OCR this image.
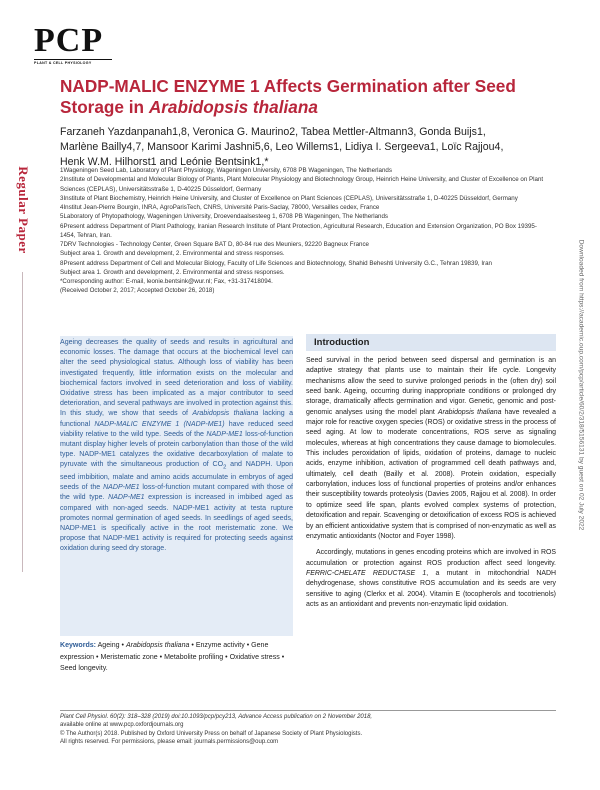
PCP
PLANT & CELL PHYSIOLOGY
Regular Paper
NADP-MALIC ENZYME 1 Affects Germination after Seed Storage in Arabidopsis thaliana
Farzaneh Yazdanpanah1,8, Veronica G. Maurino2, Tabea Mettler-Altmann3, Gonda Buijs1,
Marlène Bailly4,7, Mansoor Karimi Jashni5,6, Leo Willems1, Lidiya I. Sergeeva1, Loïc Rajjou4,
Henk W.M. Hilhorst1 and Leónie Bentsink1,*

1Wageningen Seed Lab, Laboratory of Plant Physiology, Wageningen University, 6708 PB Wageningen, The Netherlands

2Institute of Developmental and Molecular Biology of Plants, Plant Molecular Physiology and Biotechnology Group, Heinrich Heine University, and Cluster of Excellence on Plant Sciences (CEPLAS), Universitätsstraße 1, D-40225 Düsseldorf, Germany

3Institute of Plant Biochemistry, Heinrich Heine University, and Cluster of Excellence on Plant Sciences (CEPLAS), Universitätsstraße 1, D-40225 Düsseldorf, Germany

4Institut Jean-Pierre Bourgin, INRA, AgroParisTech, CNRS, Université Paris-Saclay, 78000, Versailles cedex, France

5Laboratory of Phytopathology, Wageningen University, Droevendaalsesteeg 1, 6708 PB Wageningen, The Netherlands

6Present address Department of Plant Pathology, Iranian Research Institute of Plant Protection, Agricultural Research, Education and Extension Organization, PO Box 19395-1454, Tehran, Iran.

7DRV Technologies - Technology Center, Green Square BAT D, 80-84 rue des Meuniers, 92220 Bagneux France

Subject area 1. Growth and development, 2. Environmental and stress responses.

8Present address Department of Cell and Molecular Biology, Faculty of Life Sciences and Biotechnology, Shahid Beheshti University G.C., Tehran 19839, Iran

Subject area 1. Growth and development, 2. Environmental and stress responses.

*Corresponding author: E-mail, leonie.bentsink@wur.nl; Fax, +31-317418094.

(Received October 2, 2017; Accepted October 26, 2018)	Downloaded from https://academic.oup.com/pcp/article/60/2/318/5156131 by guest on 02 July 2022

Ageing decreases the quality of seeds and results in agricultural and economic losses. The damage that occurs at the biochemical level can alter the seed physiological status. Although loss of viability has been investigated frequently, little information exists on the molecular and biochemical factors involved in seed deterioration and loss of viability. Oxidative stress has been implicated as a major contributor to seed deterioration, and several pathways are involved in protection against this. In this study, we show that seeds of Arabidopsis thaliana lacking a functional NADP-MALIC ENZYME 1 (NADP-ME1) have reduced seed viability relative to the wild type. Seeds of the NADP-ME1 loss-of-function mutant display higher levels of protein carbonylation than those of the wild type. NADP-ME1 catalyzes the oxidative decarboxylation of malate to pyruvate with the simultaneous production of $CO_2$ and NADPH. Upon seed imbibition, malate and amino acids accumulate in embryos of aged seeds of the NADP-ME1 loss-of-function mutant compared with those of the wild type. NADP-ME1 expression is increased in imbibed aged as compared with non-aged seeds. NADP-ME1 activity at testa rupture promotes normal germination of aged seeds. In seedlings of aged seeds, NADP-ME1 is specifically active in the root meristematic zone. We propose that NADP-ME1 activity is required for protecting seeds against oxidation during seed dry storage.

Keywords: Ageing • Arabidopsis thaliana • Enzyme activity • Gene expression • Meristematic zone • Metabolite profiling • Oxidative stress • Seed longevity.
Introduction

Seed survival in the period between seed dispersal and germination is an adaptive strategy that plants use to maintain their life cycle. Longevity mechanisms allow the seed to survive prolonged periods in the (often dry) soil seed bank. Ageing, occurring during inappropriate conditions or prolonged dry storage, dramatically affects germination and vigor. Genetic, genomic and post-genomic analyses using the model plant Arabidopsis thaliana have revealed a major role for reactive oxygen species (ROS) or oxidative stress in the process of seed aging. At low to moderate concentrations, ROS serve as signaling molecules, whereas at high concentrations they cause damage to biomolecules. This includes peroxidation of lipids, oxidation of proteins, damage to nucleic acids, enzyme inhibition, activation of programmed cell death pathways and, ultimately, cell death (Bailly et al. 2008). Protein oxidation, especially carbonylation, induces loss of functional properties of proteins and/or enhances their susceptibility towards proteolysis (Davies 2005, Rajjou et al. 2008). In order to optimize seed life span, plants evolved complex systems of protection, detoxification and repair. Scavenging or detoxification of excess ROS is achieved by an efficient antioxidative system that is comprised of non-enzymatic as well as enzymatic antioxidants (Noctor and Foyer 1998).

Accordingly, mutations in genes encoding proteins which are involved in ROS accumulation or protection against ROS production affect seed longevity. FERRIC-CHELATE REDUCTASE 1, a mutant in mitochondrial NADH dehydrogenase, shows constitutive ROS accumulation and its seeds are very sensitive to aging (Clerkx et al. 2004). Vitamin E (tocopherols and tocotrienols) acts as an antioxidant and prevents non-enzymatic lipid oxidation.

Plant Cell Physiol. 60(2): 318–328 (2019) doi:10.1093/pcp/pcy213, Advance Access publication on 2 November 2018,

available online at www.pcp.oxfordjournals.org

© The Author(s) 2018. Published by Oxford University Press on behalf of Japanese Society of Plant Physiologists.

All rights reserved. For permissions, please email: journals.permissions@oup.com
